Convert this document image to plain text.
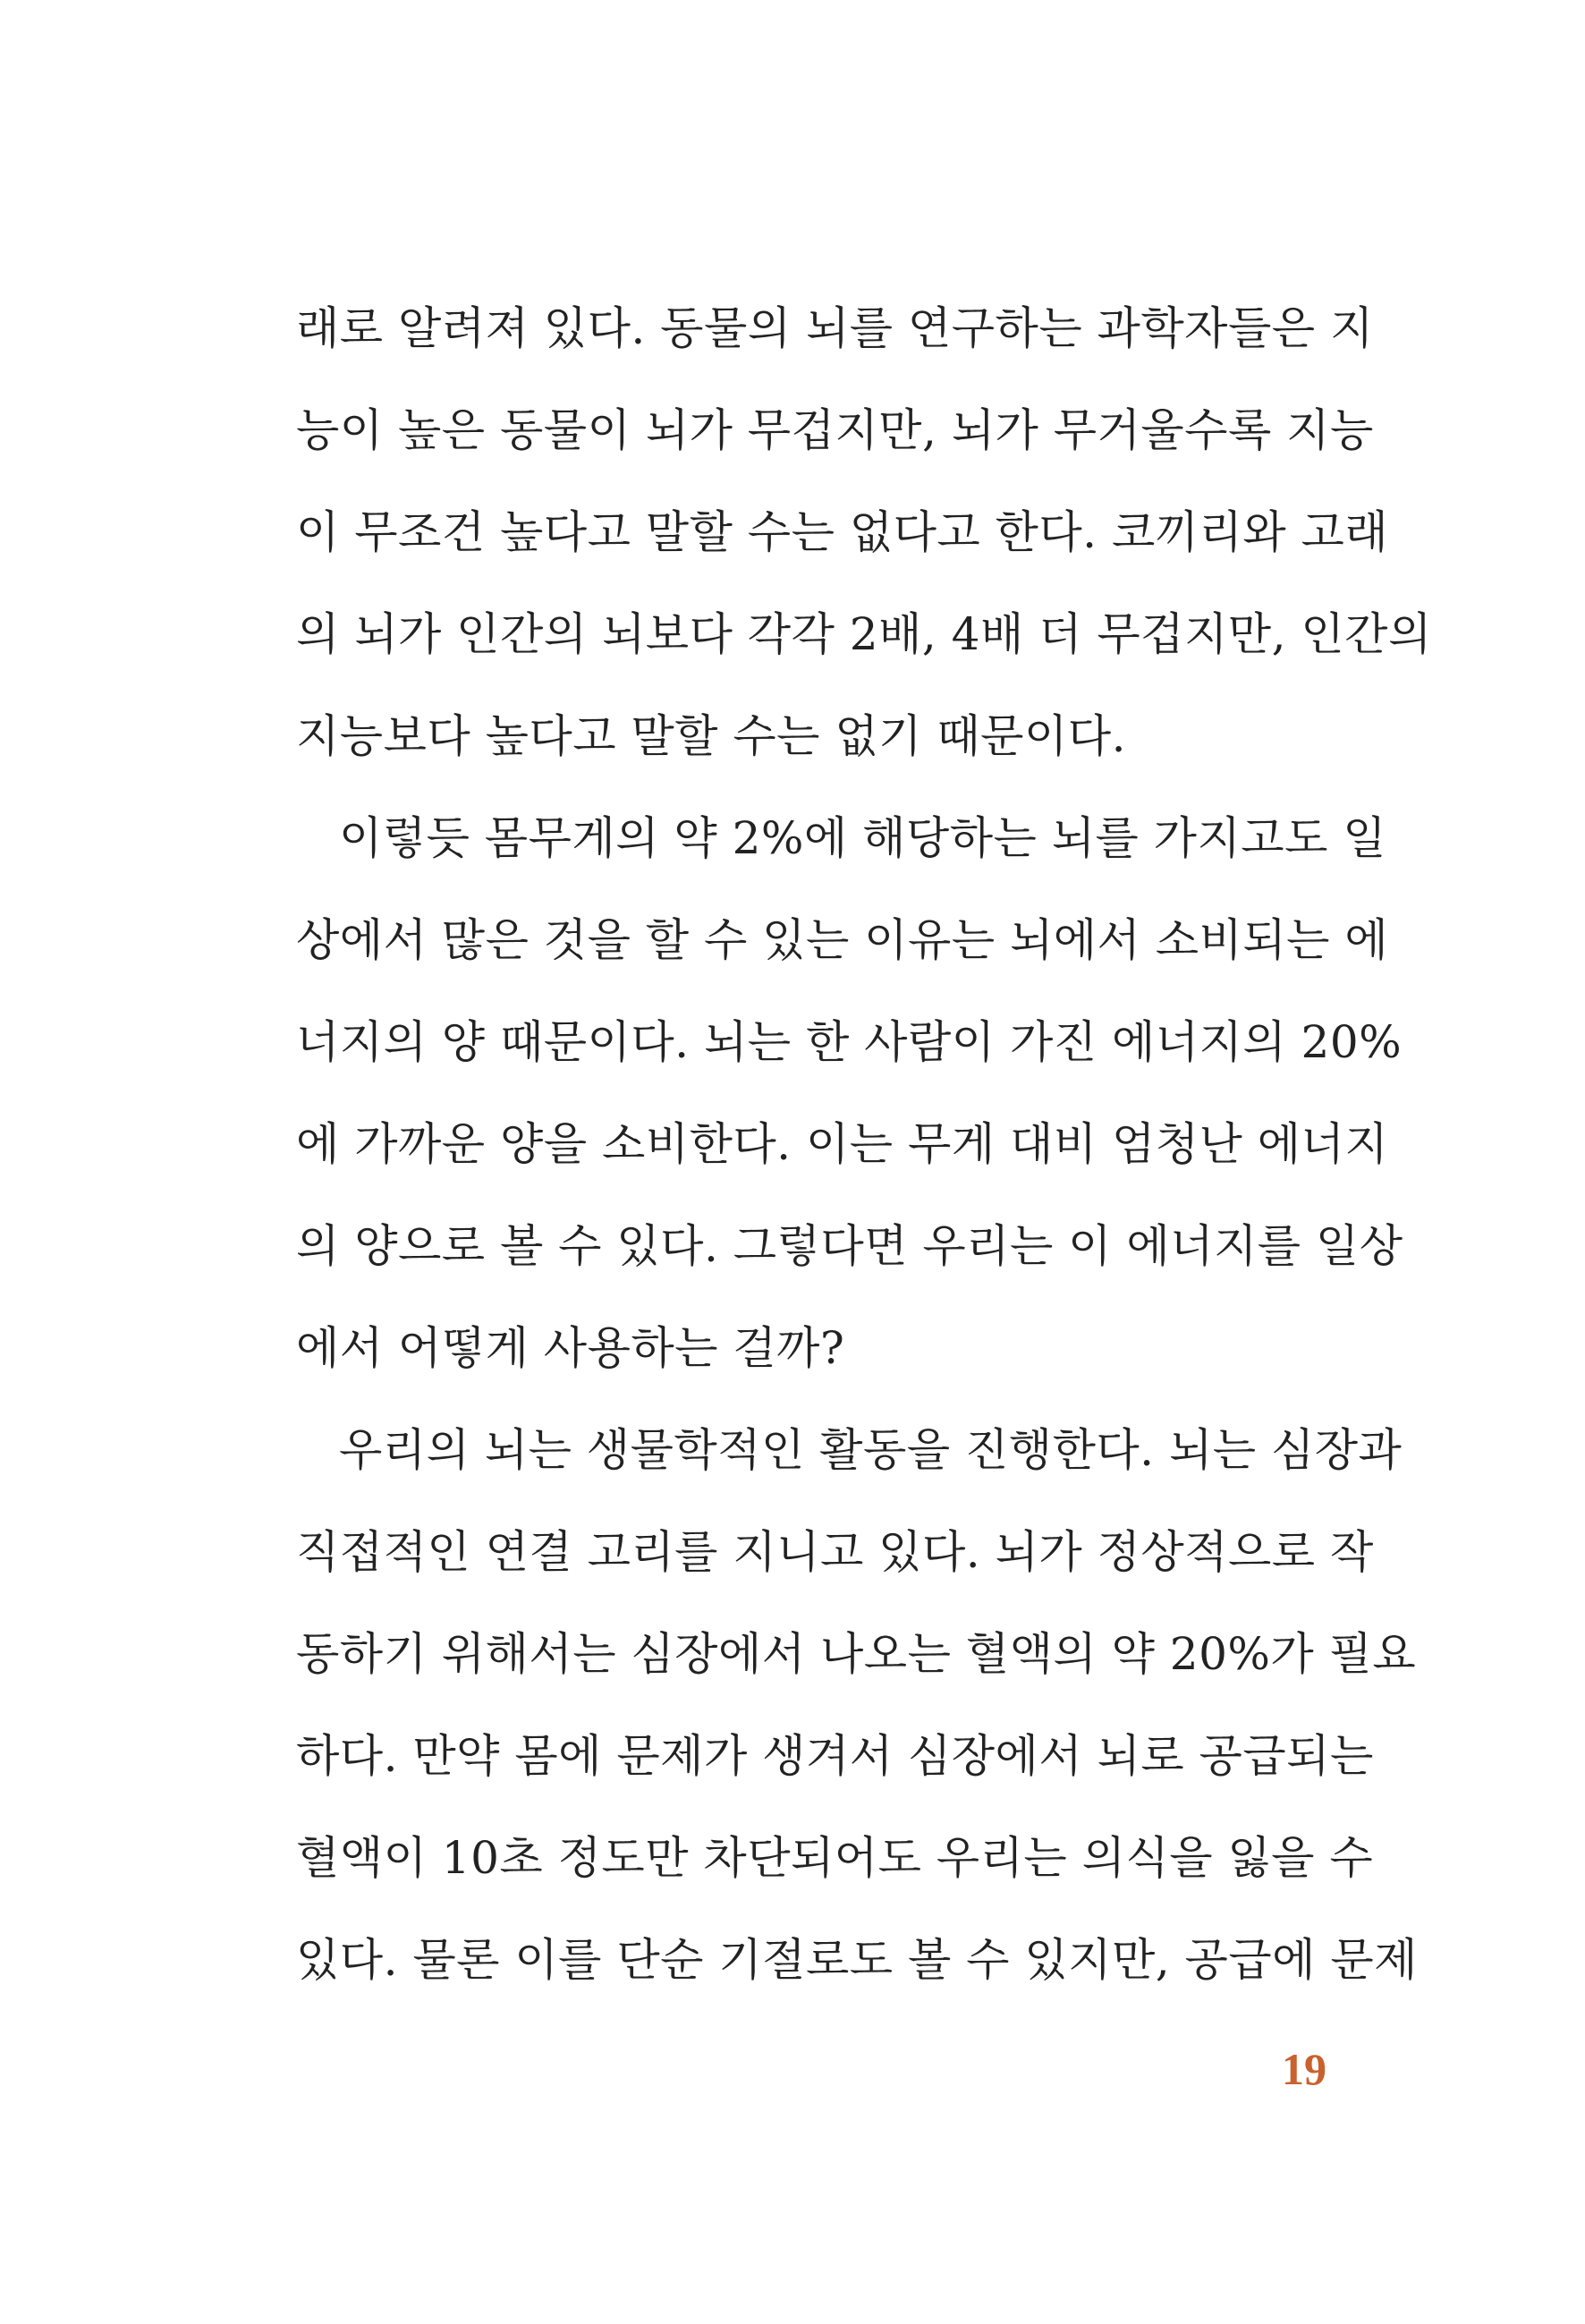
래로 알려져 있다. 동물의 뇌를 연구하는 과학자들은 지
능이 높은 동물이 뇌가 무겁지만, 뇌가 무거울수록 지능
이 무조건 높다고 말할 수는 없다고 한다. 코끼리와 고래
의 뇌가 인간의 뇌보다 각각 2배, 4배 더 무겁지만, 인간의
지능보다 높다고 말할 수는 없기 때문이다.
이렇듯 몸무게의 약 2%에 해당하는 뇌를 가지고도 일
상에서 많은 것을 할 수 있는 이유는 뇌에서 소비되는 에
너지의 양 때문이다. 뇌는 한 사람이 가진 에너지의 20%
에 가까운 양을 소비한다. 이는 무게 대비 엄청난 에너지
의 양으로 볼 수 있다. 그렇다면 우리는 이 에너지를 일상
에서 어떻게 사용하는 걸까?
우리의 뇌는 생물학적인 활동을 진행한다. 뇌는 심장과
직접적인 연결 고리를 지니고 있다. 뇌가 정상적으로 작
동하기 위해서는 심장에서 나오는 혈액의 약 20%가 필요
하다. 만약 몸에 문제가 생겨서 심장에서 뇌로 공급되는
혈액이 10초 정도만 차단되어도 우리는 의식을 잃을 수
있다. 물론 이를 단순 기절로도 볼 수 있지만, 공급에 문제
19
